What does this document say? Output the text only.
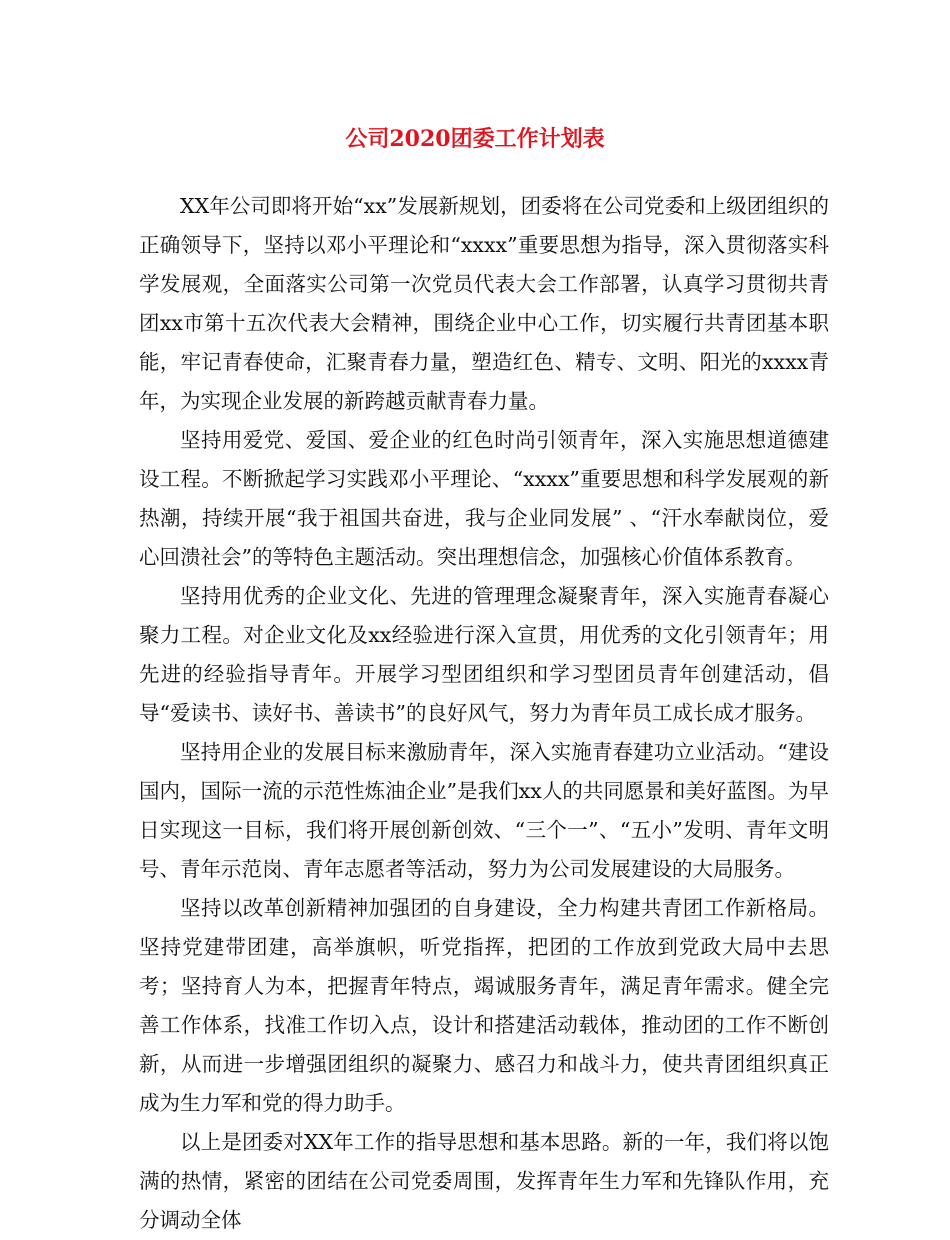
公司2020团委工作计划表

XX年公司即将开始“xx”发展新规划，团委将在公司党委和上级团组织的正确领导下，坚持以邓小平理论和“xxxx”重要思想为指导，深入贯彻落实科学发展观，全面落实公司第一次党员代表大会工作部署，认真学习贯彻共青团xx市第十五次代表大会精神，围绕企业中心工作，切实履行共青团基本职能，牢记青春使命，汇聚青春力量，塑造红色、精专、文明、阳光的xxxx青年，为实现企业发展的新跨越贡献青春力量。

坚持用爱党、爱国、爱企业的红色时尚引领青年，深入实施思想道德建设工程。不断掀起学习实践邓小平理论、“xxxx”重要思想和科学发展观的新热潮，持续开展“我于祖国共奋进，我与企业同发展” 、“汗水奉献岗位，爱心回溃社会”的等特色主题活动。突出理想信念，加强核心价值体系教育。

坚持用优秀的企业文化、先进的管理理念凝聚青年，深入实施青春凝心聚力工程。对企业文化及xx经验进行深入宣贯，用优秀的文化引领青年；用先进的经验指导青年。开展学习型团组织和学习型团员青年创建活动，倡导“爱读书、读好书、善读书”的良好风气，努力为青年员工成长成才服务。

坚持用企业的发展目标来激励青年，深入实施青春建功立业活动。“建设国内，国际一流的示范性炼油企业”是我们xx人的共同愿景和美好蓝图。为早日实现这一目标，我们将开展创新创效、“三个一”、“五小”发明、青年文明号、青年示范岗、青年志愿者等活动，努力为公司发展建设的大局服务。

坚持以改革创新精神加强团的自身建设，全力构建共青团工作新格局。坚持党建带团建，高举旗帜，听党指挥，把团的工作放到党政大局中去思考；坚持育人为本，把握青年特点，竭诚服务青年，满足青年需求。健全完善工作体系，找准工作切入点，设计和搭建活动载体，推动团的工作不断创新，从而进一步增强团组织的凝聚力、感召力和战斗力，使共青团组织真正成为生力军和党的得力助手。

以上是团委对XX年工作的指导思想和基本思路。新的一年，我们将以饱满的热情，紧密的团结在公司党委周围，发挥青年生力军和先锋队作用，充分调动全体
